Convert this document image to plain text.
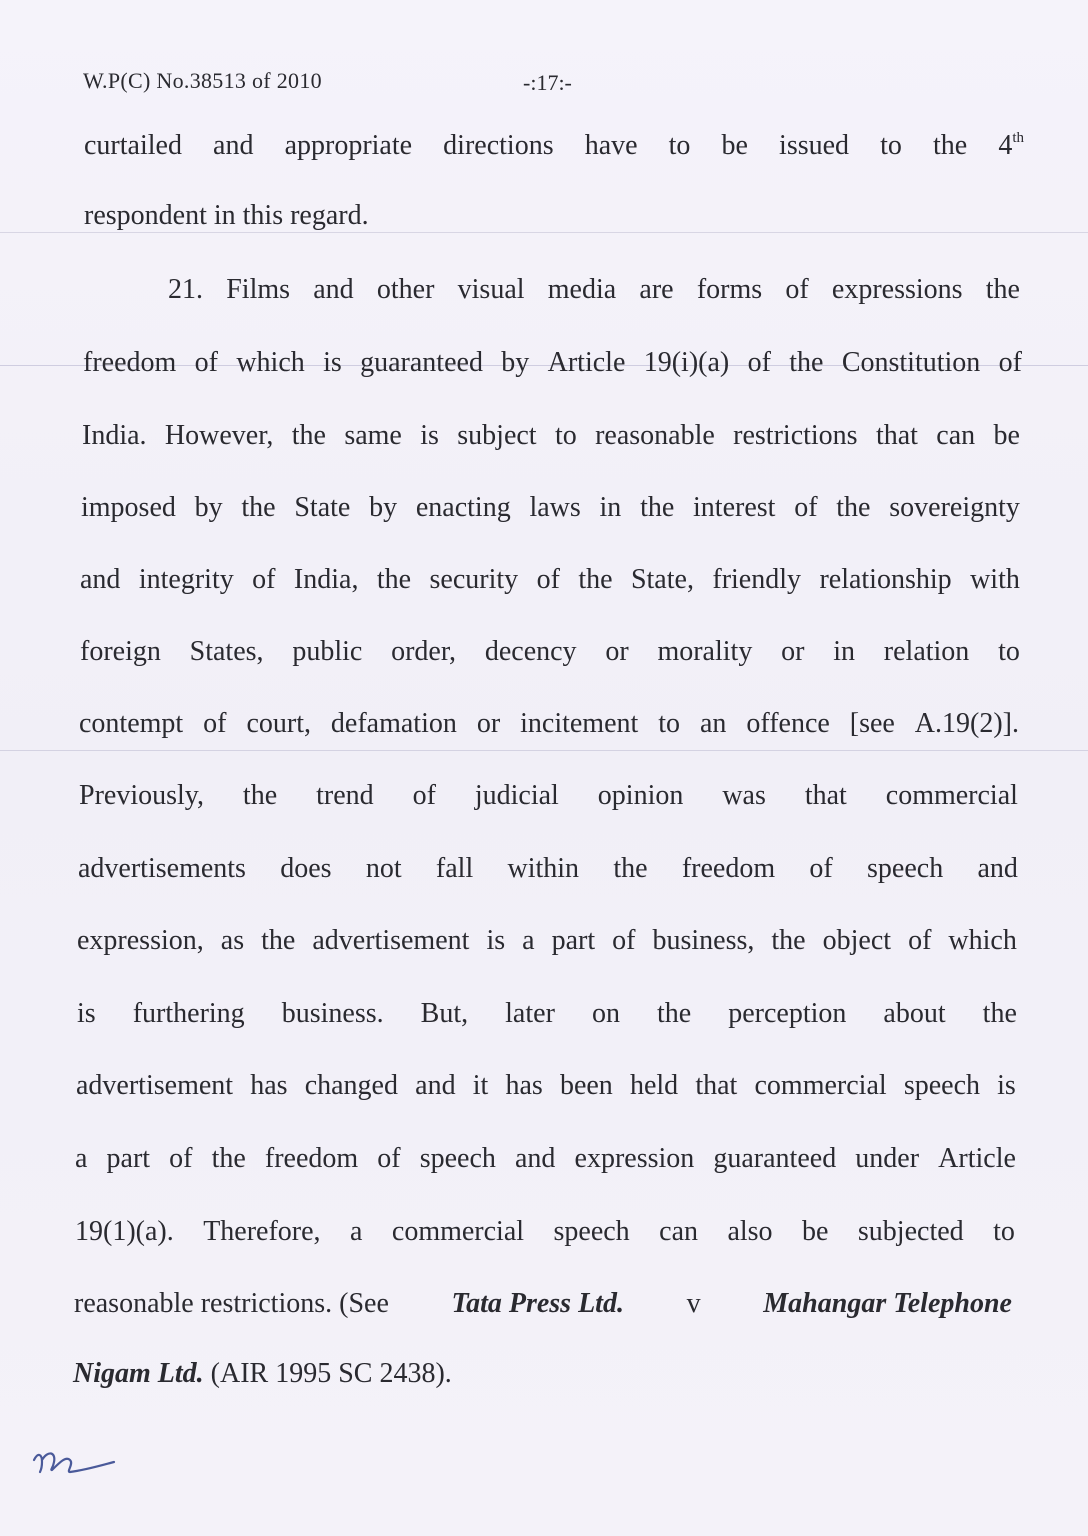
W.P(C) No.38513 of 2010	-:17:-
curtailed and appropriate directions have to be issued to the 4th
respondent in this regard.
21. Films and other visual media are forms of expressions the
freedom of which is guaranteed by Article 19(i)(a) of the Constitution of
India. However, the same is subject to reasonable restrictions that can be
imposed by the State by enacting laws in the interest of the sovereignty
and integrity of India, the security of the State, friendly relationship with
foreign States, public order, decency or morality or in relation to
contempt of court, defamation or incitement to an offence [see A.19(2)].
Previously, the trend of judicial opinion was that commercial
advertisements does not fall within the freedom of speech and
expression, as the advertisement is a part of business, the object of which
is furthering business. But, later on the perception about the
advertisement has changed and it has been held that commercial speech is
a part of the freedom of speech and expression guaranteed under Article
19(1)(a). Therefore, a commercial speech can also be subjected to
reasonable restrictions. (See Tata Press Ltd. v Mahangar Telephone
Nigam Ltd. (AIR 1995 SC 2438).
